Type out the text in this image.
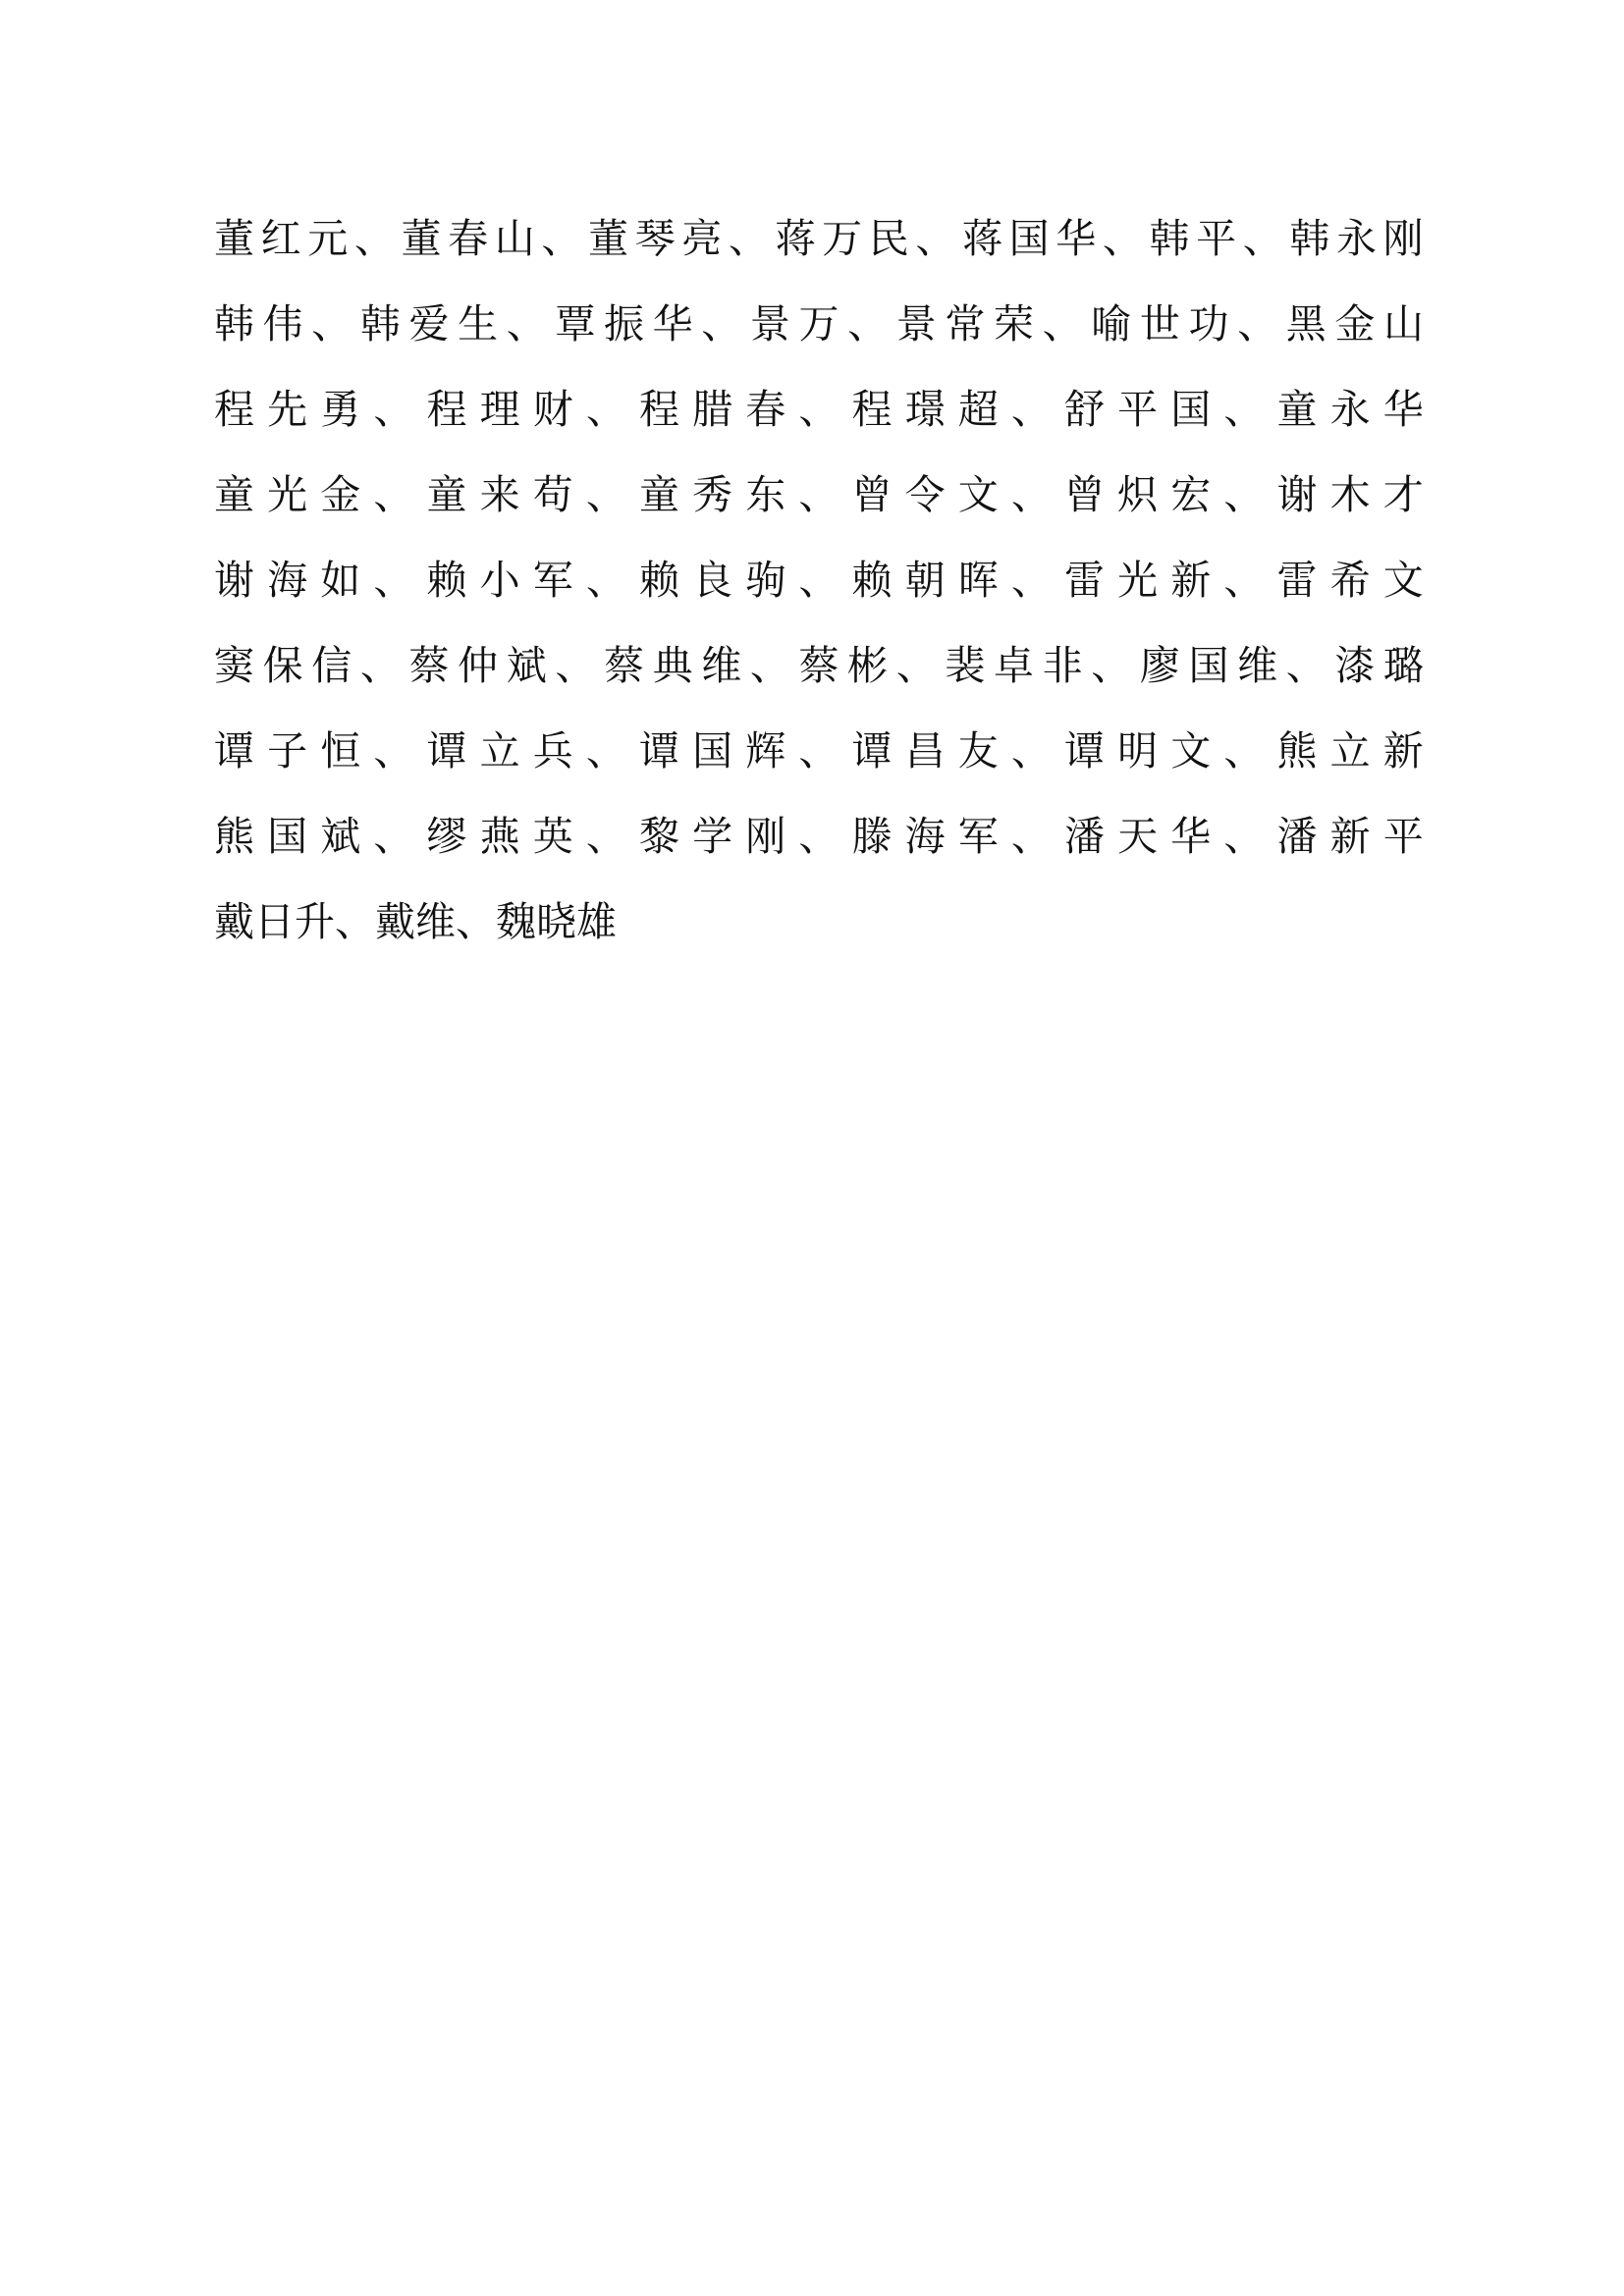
董 红 元 、 董 春 山 、 董 琴 亮 、 蒋 万 民 、 蒋 国 华 、 韩 平 、 韩 永 刚
韩 伟 、 韩 爱 生 、 覃 振 华 、 景 万 、 景 常 荣 、 喻 世 功 、 黑 金 山
程 先 勇 、 程 理 财 、 程 腊 春 、 程 璟 超 、 舒 平 国 、 童 永 华
童 光 金 、 童 来 苟 、 童 秀 东 、 曾 令 文 、 曾 炽 宏 、 谢 木 才
谢 海 如 、 赖 小 军 、 赖 良 驹 、 赖 朝 晖 、 雷 光 新 、 雷 希 文
窦 保 信 、 蔡 仲 斌 、 蔡 典 维 、 蔡 彬 、 裴 卓 非 、 廖 国 维 、 漆 璐
谭 子 恒 、 谭 立 兵 、 谭 国 辉 、 谭 昌 友 、 谭 明 文 、 熊 立 新
熊 国 斌 、 缪 燕 英 、 黎 学 刚 、 滕 海 军 、 潘 天 华 、 潘 新 平
戴日升、戴维、魏晓雄
